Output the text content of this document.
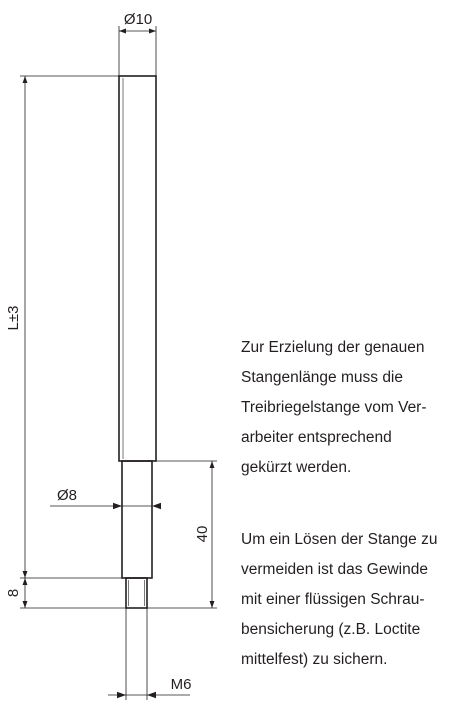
Ø10
L±3
Ø8
40
8
M6

Zur Erzielung der genauen

Stangenlänge muss die

Treibriegelstange vom Ver-

arbeiter entsprechend

gekürzt werden.

Um ein Lösen der Stange zu

vermeiden ist das Gewinde

mit einer flüssigen Schrau-

bensicherung (z.B. Loctite

mittelfest) zu sichern.
